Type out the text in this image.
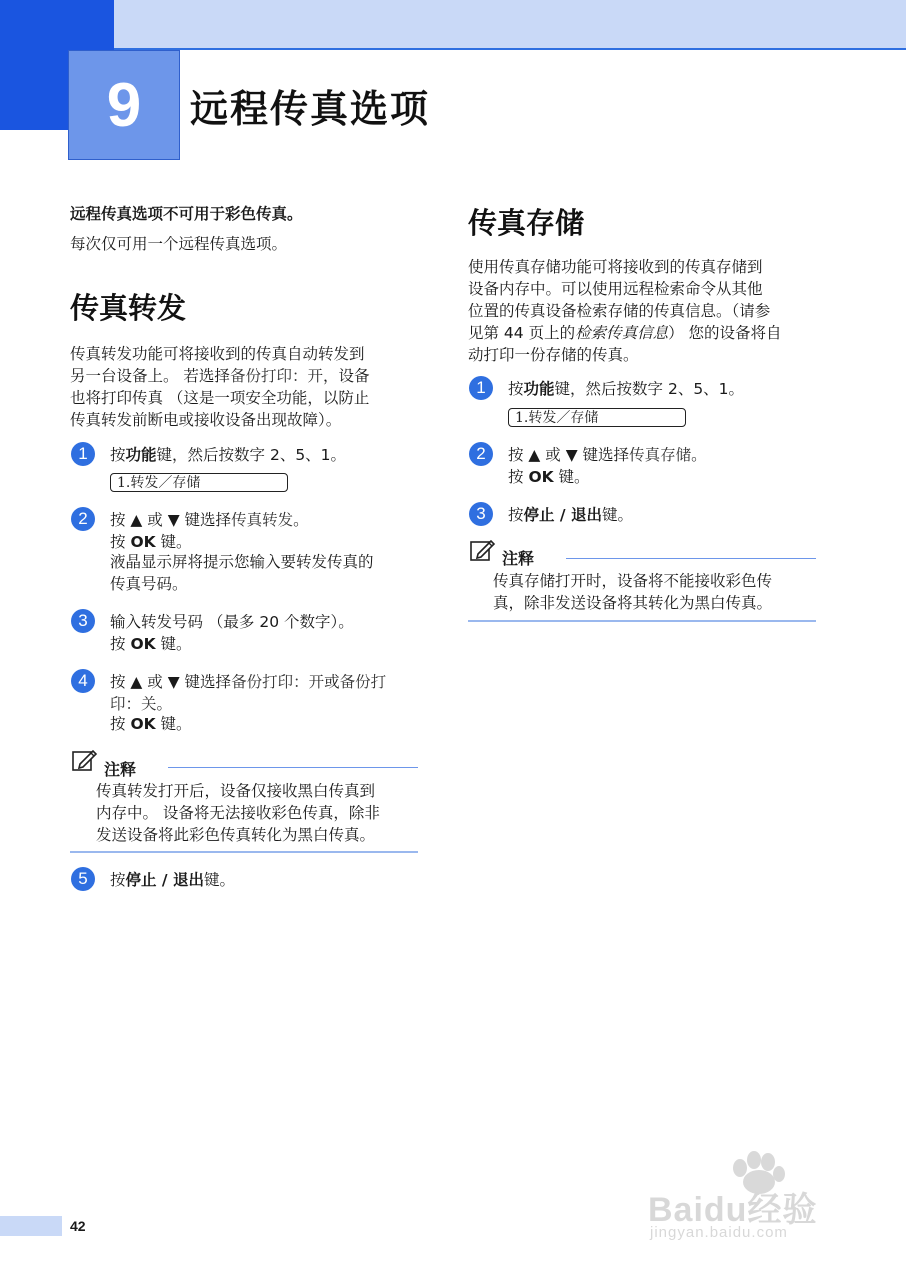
9 远程传真选项
远程传真选项不可用于彩色传真。
每次仅可用一个远程传真选项。
传真转发
传真转发功能可将接收到的传真自动转发到
另一台设备上。 若选择备份打印：开，设备
也将打印传真 （这是一项安全功能，以防止
传真转发前断电或接收设备出现故障）。
1	按功能键，然后按数字 2、5、1。
1.转发／存储
2	按 ▲ 或 ▼ 键选择传真转发。
按 OK 键。
液晶显示屏将提示您输入要转发传真的
传真号码。
3	输入转发号码 （最多 20 个数字）。
按 OK 键。
4	按 ▲ 或 ▼ 键选择备份打印：开或备份打
印：关。
按 OK 键。
注释
传真转发打开后，设备仅接收黑白传真到
内存中。 设备将无法接收彩色传真，除非
发送设备将此彩色传真转化为黑白传真。
5	按停止 / 退出键。
传真存储
使用传真存储功能可将接收到的传真存储到
设备内存中。可以使用远程检索命令从其他
位置的传真设备检索存储的传真信息。（请参
见第 44 页上的检索传真信息） 您的设备将自
动打印一份存储的传真。
1	按功能键，然后按数字 2、5、1。
1.转发／存储
2	按 ▲ 或 ▼ 键选择传真存储。
按 OK 键。
3	按停止 / 退出键。
注释
传真存储打开时，设备将不能接收彩色传
真，除非发送设备将其转化为黑白传真。
42	Baidu经验
jingyan.baidu.com
